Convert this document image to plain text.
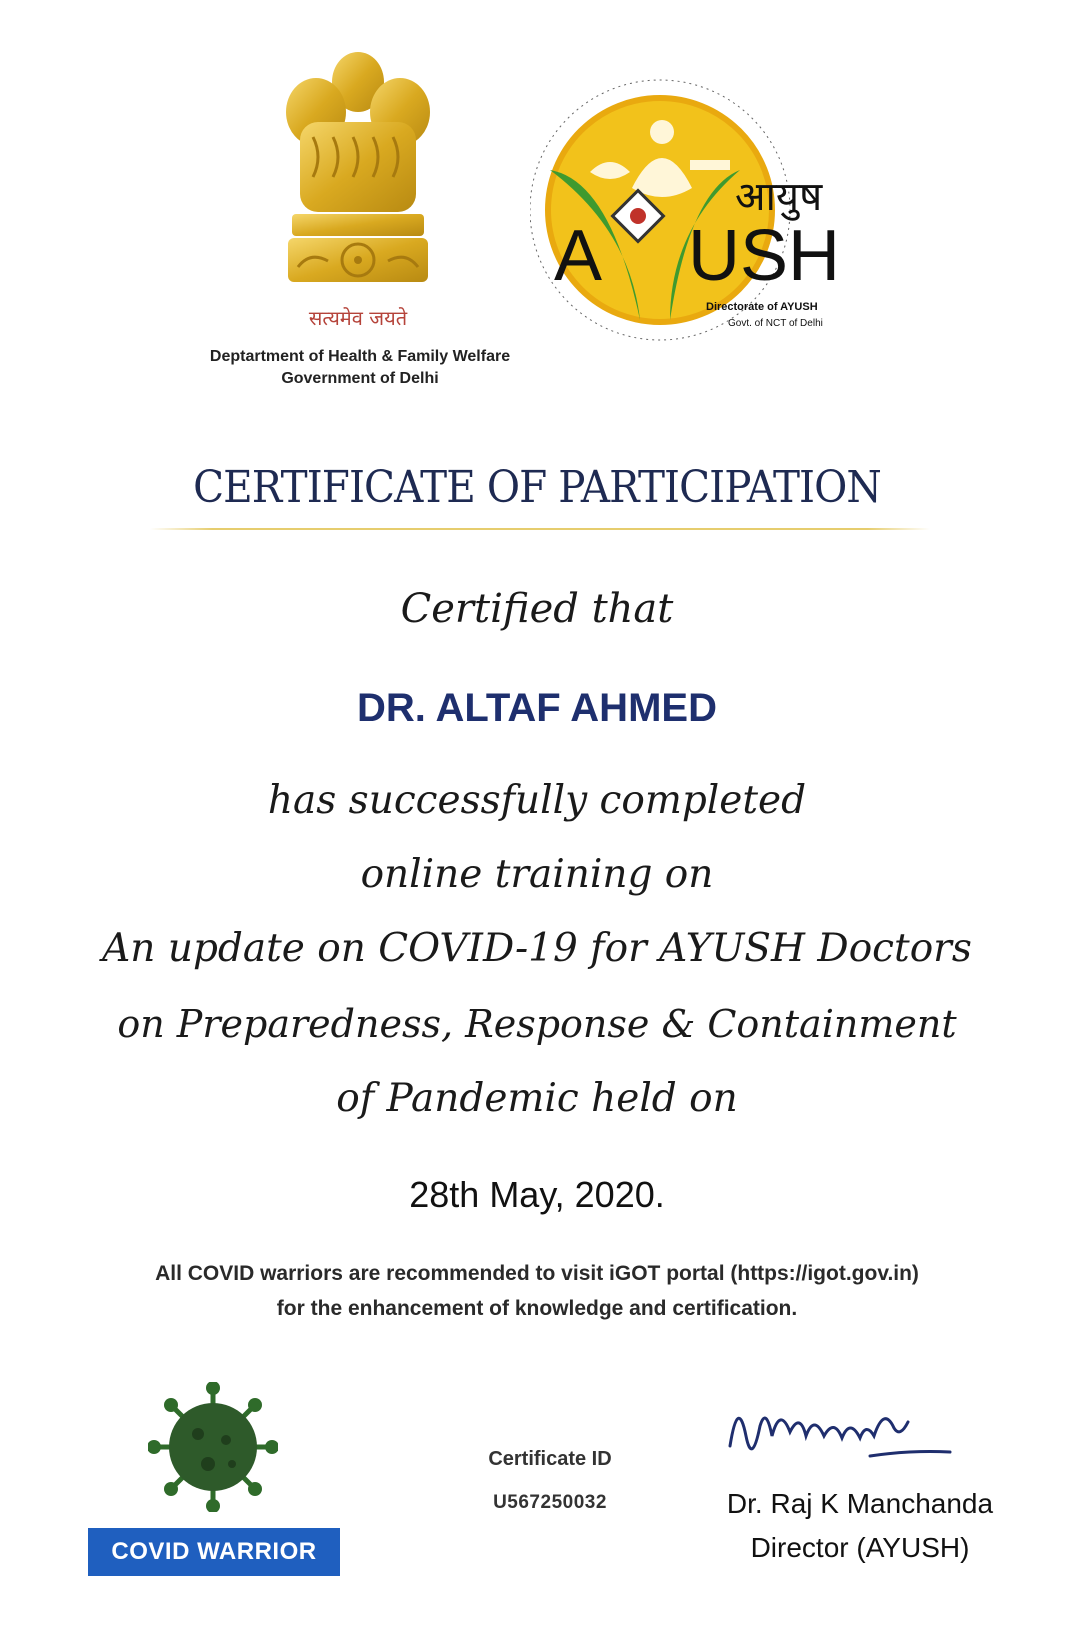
सत्यमेव जयते
Deptartment of Health & Family Welfare
Government of Delhi
A USH
आयुष
Directorate of AYUSH
Govt. of NCT of Delhi
CERTIFICATE OF PARTICIPATION
Certified that
DR. ALTAF AHMED
has successfully completed
online training on
An update on COVID-19 for AYUSH Doctors
on Preparedness, Response & Containment
of Pandemic held on
28th May, 2020.
All COVID warriors are recommended to visit iGOT portal (https://igot.gov.in)
for the enhancement of knowledge and certification.
COVID WARRIOR
Certificate ID
U567250032	Dr. Raj K Manchanda
Director (AYUSH)
